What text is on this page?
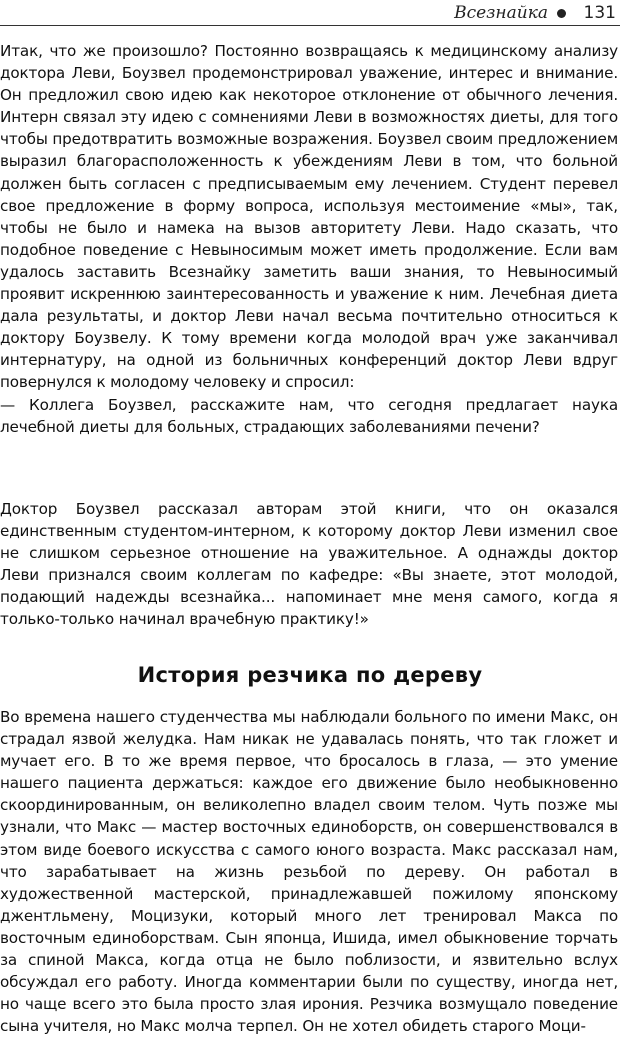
Всезнайка 131

Итак, что же произошло? Постоянно возвращаясь к медицинскому анализу доктора Леви, Боузвел продемонстрировал уважение, интерес и внимание. Он предложил свою идею как некоторое отклонение от обычного лечения. Интерн связал эту идею с сомнениями Леви в возможностях диеты, для того чтобы предотвратить возможные возражения. Боузвел своим предложением выразил благорасположенность к убеждениям Леви в том, что больной должен быть согласен с предписываемым ему лечением. Студент перевел свое предложение в форму вопроса, используя местоимение «мы», так, чтобы не было и намека на вызов авторитету Леви. Надо сказать, что подобное поведение с Невыносимым может иметь продолжение. Если вам удалось заставить Всезнайку заметить ваши знания, то Невыносимый проявит искреннюю заинтересованность и уважение к ним. Лечебная диета дала результаты, и доктор Леви начал весьма почтительно относиться к доктору Боузвелу. К тому времени когда молодой врач уже заканчивал интернатуру, на одной из больничных конференций доктор Леви вдруг повернулся к молодому человеку и спросил:

— Коллега Боузвел, расскажите нам, что сегодня предлагает наука лечебной диеты для больных, страдающих заболеваниями печени?

Доктор Боузвел рассказал авторам этой книги, что он оказался единственным студентом-интерном, к которому доктор Леви изменил свое не слишком серьезное отношение на уважительное. А однажды доктор Леви признался своим коллегам по кафедре: «Вы знаете, этот молодой, подающий надежды всезнайка... напоминает мне меня самого, когда я только-только начинал врачебную практику!»

История резчика по дереву

Во времена нашего студенчества мы наблюдали больного по имени Макс, он страдал язвой желудка. Нам никак не удавалась понять, что так гложет и мучает его. В то же время первое, что бросалось в глаза, — это умение нашего пациента держаться: каждое его движение было необыкновенно скоординированным, он великолепно владел своим телом. Чуть позже мы узнали, что Макс — мастер восточных единоборств, он совершенствовался в этом виде боевого искусства с самого юного возраста. Макс рассказал нам, что зарабатывает на жизнь резьбой по дереву. Он работал в художественной мастерской, принадлежавшей пожилому японскому джентльмену, Моцизуки, который много лет тренировал Макса по восточным единоборствам. Сын японца, Ишида, имел обыкновение торчать за спиной Макса, когда отца не было поблизости, и язвительно вслух обсуждал его работу. Иногда комментарии были по существу, иногда нет, но чаще всего это была просто злая ирония. Резчика возмущало поведение сына учителя, но Макс молча терпел. Он не хотел обидеть старого Моци-
